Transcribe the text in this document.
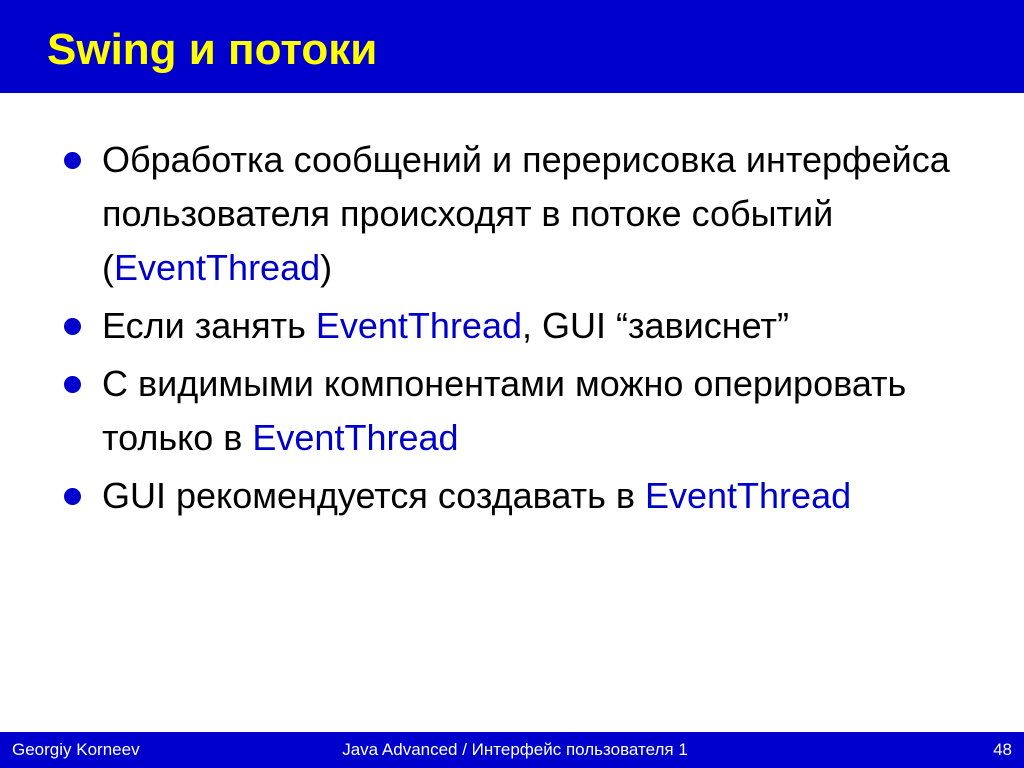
Swing и потоки
Обработка сообщений и перерисовка интерфейса пользователя происходят в потоке событий (EventThread)
Если занять EventThread, GUI “зависнет”
С видимыми компонентами можно оперировать только в EventThread
GUI рекомендуется создавать в EventThread
Georgiy Korneev	Java Advanced / Интерфейс пользователя 1	48
